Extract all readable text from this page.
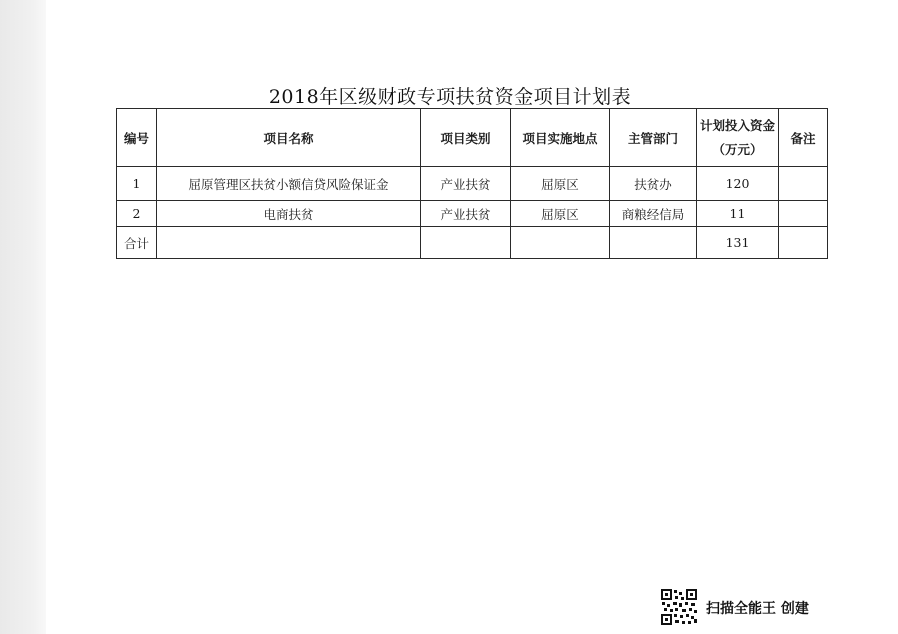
2018年区级财政专项扶贫资金项目计划表
编号	项目名称	项目类别	项目实施地点	主管部门	计划投入资金（万元）	备注
1	屈原管理区扶贫小额信贷风险保证金	产业扶贫	屈原区	扶贫办	120	
2	电商扶贫	产业扶贫	屈原区	商粮经信局	11	
合计					131	
扫描全能王 创建
